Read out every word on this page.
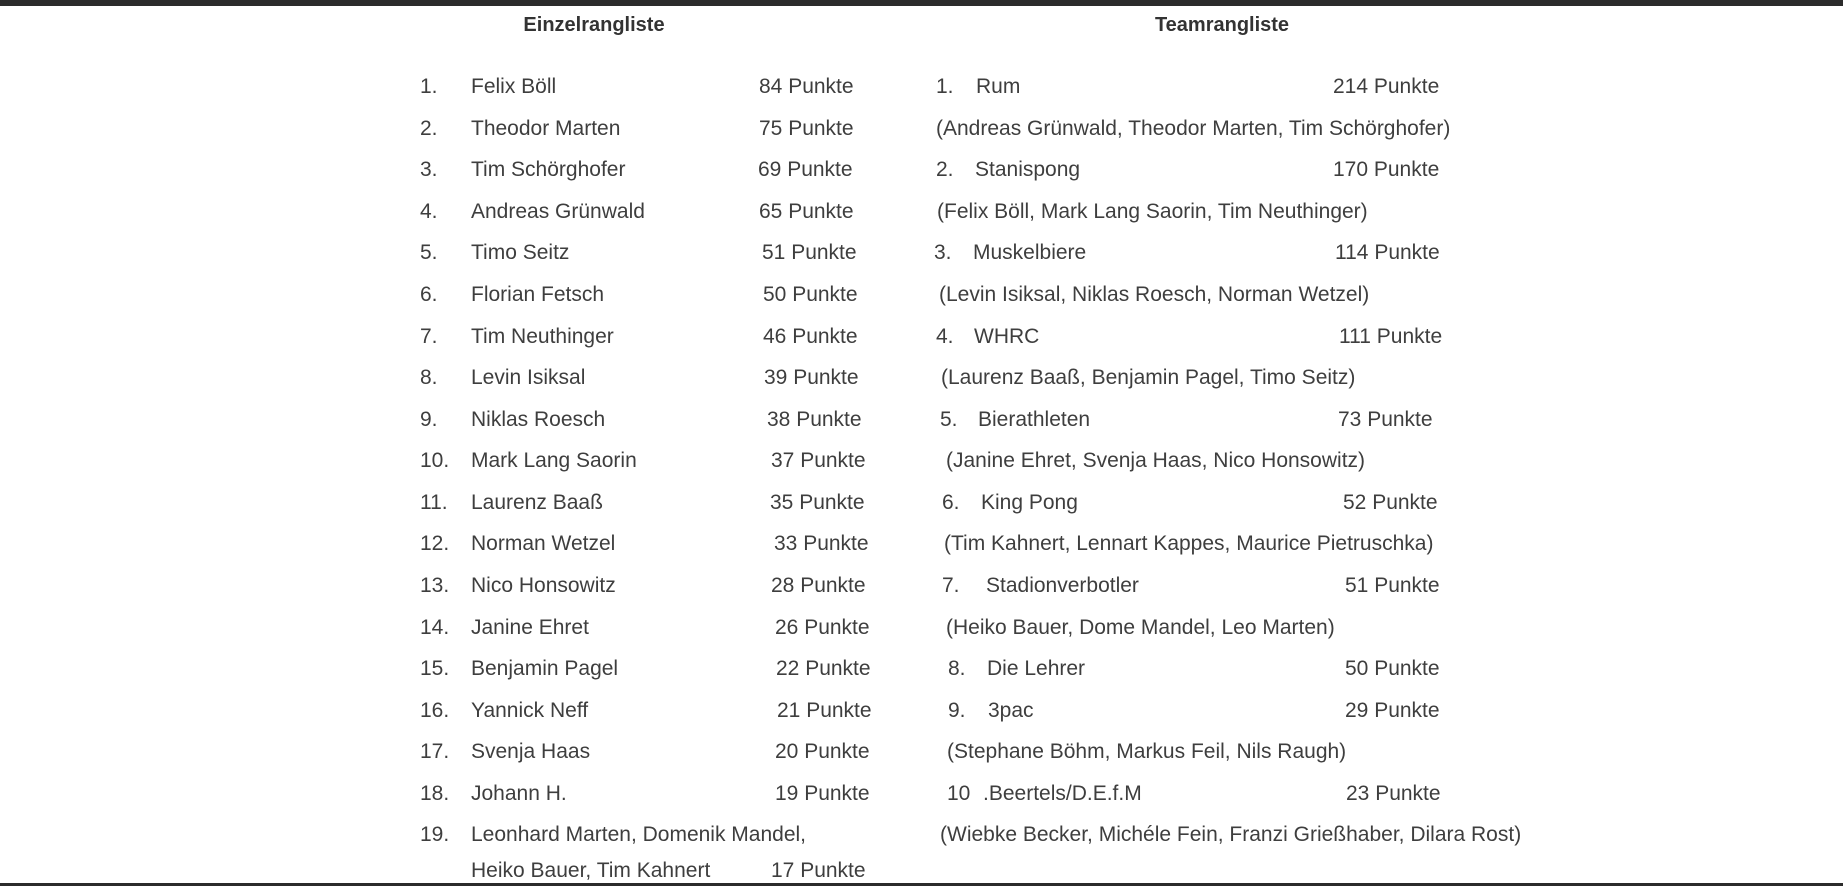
Einzelrangliste	Teamrangliste
1. Felix Böll	84 Punkte
2. Theodor Marten	75 Punkte
3. Tim Schörghofer	69 Punkte
4. Andreas Grünwald	65 Punkte
5. Timo Seitz	51 Punkte
6. Florian Fetsch	50 Punkte
7. Tim Neuthinger	46 Punkte
8. Levin Isiksal	39 Punkte
9. Niklas Roesch	38 Punkte
10. Mark Lang Saorin	37 Punkte
11. Laurenz Baaß	35 Punkte
12. Norman Wetzel	33 Punkte
13. Nico Honsowitz	28 Punkte
14. Janine Ehret	26 Punkte
15. Benjamin Pagel	22 Punkte
16. Yannick Neff	21 Punkte
17. Svenja Haas	20 Punkte
18. Johann H.	19 Punkte
19. Leonhard Marten, Domenik Mandel,
Heiko Bauer, Tim Kahnert	17 Punkte
1. Rum	214 Punkte
(Andreas Grünwald, Theodor Marten, Tim Schörghofer)
2. Stanispong	170 Punkte
(Felix Böll, Mark Lang Saorin, Tim Neuthinger)
3. Muskelbiere	114 Punkte
(Levin Isiksal, Niklas Roesch, Norman Wetzel)
4. WHRC	111 Punkte
(Laurenz Baaß, Benjamin Pagel, Timo Seitz)
5. Bierathleten	73 Punkte
(Janine Ehret, Svenja Haas, Nico Honsowitz)
6. King Pong	52 Punkte
(Tim Kahnert, Lennart Kappes, Maurice Pietruschka)
7. Stadionverbotler	51 Punkte
(Heiko Bauer, Dome Mandel, Leo Marten)
8. Die Lehrer	50 Punkte
9. 3pac	29 Punkte
(Stephane Böhm, Markus Feil, Nils Raugh)
10 .Beertels/D.E.f.M	23 Punkte
(Wiebke Becker, Michéle Fein, Franzi Grießhaber, Dilara Rost)
